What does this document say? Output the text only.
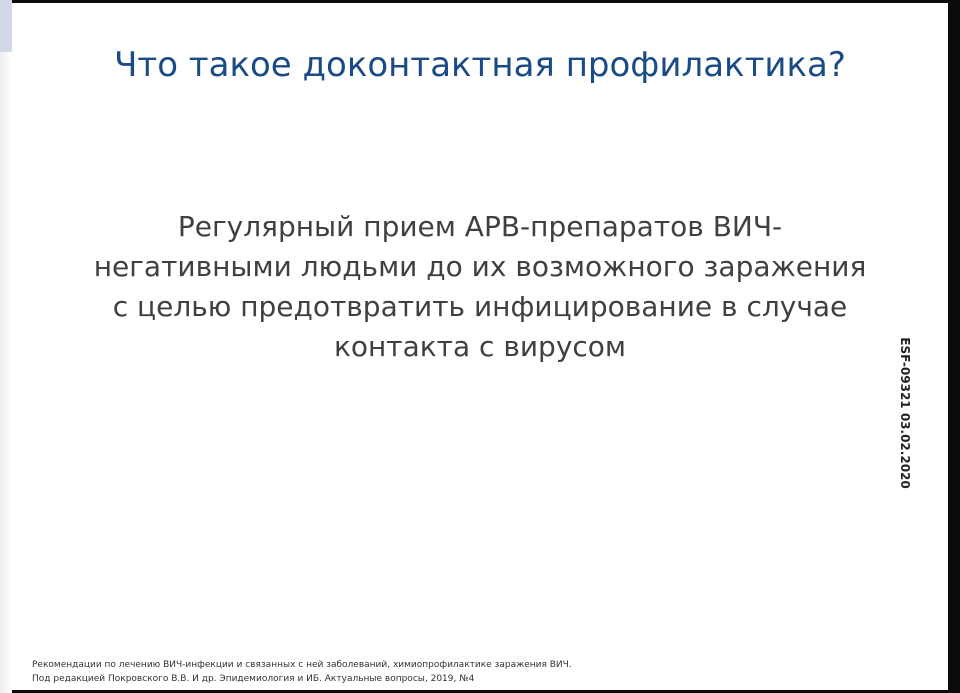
Что такое доконтактная профилактика?
Регулярный прием АРВ-препаратов ВИЧ-
негативными людьми до их возможного заражения
с целью предотвратить инфицирование в случае
контакта с вирусом
Рекомендации по лечению ВИЧ-инфекции и связанных с ней заболеваний, химиопрофилактике заражения ВИЧ.
Под редакцией Покровского В.В. И др. Эпидемиология и ИБ. Актуальные вопросы, 2019, №4
ESF-09321 03.02.2020
